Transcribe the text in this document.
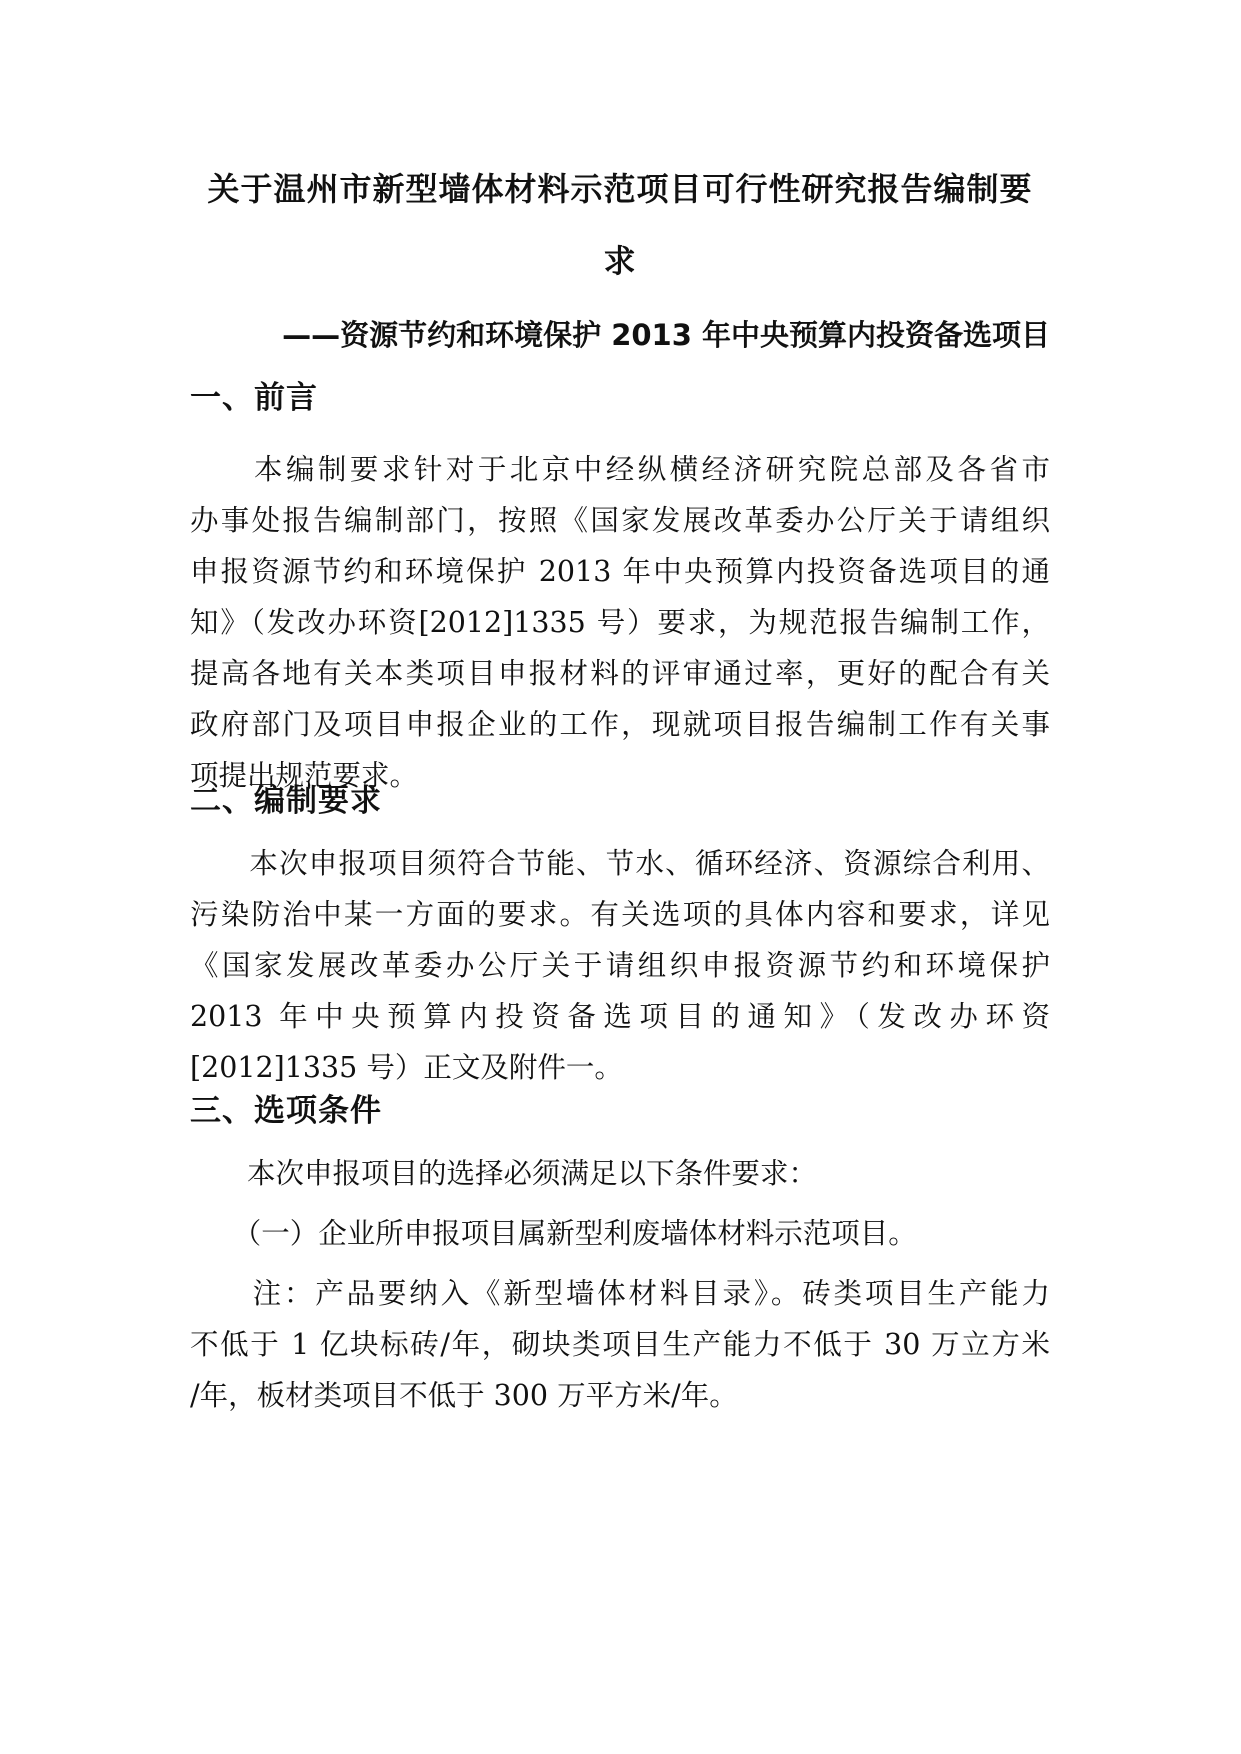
关于温州市新型墙体材料示范项目可行性研究报告编制要
求
——资源节约和环境保护 2013 年中央预算内投资备选项目
一、前言
　　本编制要求针对于北京中经纵横经济研究院总部及各省市
办事处报告编制部门，按照《国家发展改革委办公厅关于请组织
申报资源节约和环境保护 2013 年中央预算内投资备选项目的通
知》（发改办环资[2012]1335 号）要求，为规范报告编制工作，
提高各地有关本类项目申报材料的评审通过率，更好的配合有关
政府部门及项目申报企业的工作，现就项目报告编制工作有关事
项提出规范要求。
二、编制要求
　　本次申报项目须符合节能、节水、循环经济、资源综合利用、
污染防治中某一方面的要求。有关选项的具体内容和要求，详见
《国家发展改革委办公厅关于请组织申报资源节约和环境保护
2013 年中央预算内投资备选项目的通知》（发改办环资
[2012]1335 号）正文及附件一。
三、选项条件
　　本次申报项目的选择必须满足以下条件要求：
　　（一）企业所申报项目属新型利废墙体材料示范项目。
　　注：产品要纳入《新型墙体材料目录》。砖类项目生产能力
不低于 1 亿块标砖/年，砌块类项目生产能力不低于 30 万立方米
/年，板材类项目不低于 300 万平方米/年。
